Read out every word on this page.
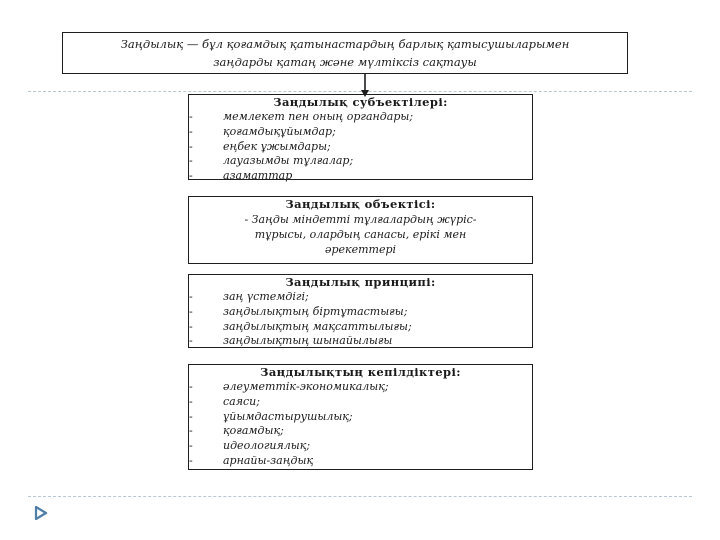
Заңдылық — бұл қоғамдық қатынастардың барлық қатысушыларымен
заңдарды қатаң және мүлтіксіз сақтауы
Заңдылық субъектілері:
- мемлекет пен оның органдары;
- қоғамдықұйымдар;
- еңбек ұжымдары;
- лауазымды тұлғалар;
- азаматтар
Заңдылық объектісі:
- Заңды міндетті тұлғалардың жүріс-
тұрысы, олардың санасы, ерікі мен
әрекеттері
Заңдылық принципі:
- заң үстемдігі;
- заңдылықтың біртұтастығы;
- заңдылықтың мақсаттылығы;
- заңдылықтың шынайылығы
Заңдылықтың кепілдіктері:
- әлеуметтік-экономикалық;
- саяси;
- ұйымдастырушылық;
- қоғамдық;
- идеологиялық;
- арнайы-заңдық
